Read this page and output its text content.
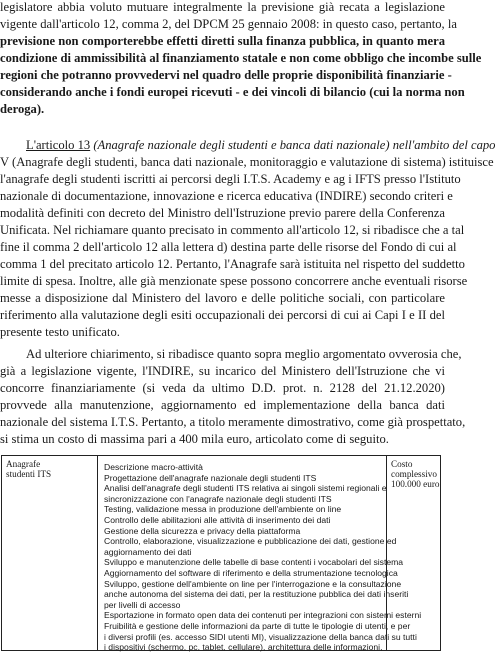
legislatore abbia voluto mutuare integralmente la previsione già recata a legislazione
vigente dall'articolo 12, comma 2, del DPCM 25 gennaio 2008: in questo caso, pertanto, la
previsione non comporterebbe effetti diretti sulla finanza pubblica, in quanto mera
condizione di ammissibilità al finanziamento statale e non come obbligo che incombe sulle
regioni che potranno provvedervi nel quadro delle proprie disponibilità finanziarie -
considerando anche i fondi europei ricevuti - e dei vincoli di bilancio (cui la norma non
deroga).
L'articolo 13 (Anagrafe nazionale degli studenti e banca dati nazionale) nell'ambito del capo
V (Anagrafe degli studenti, banca dati nazionale, monitoraggio e valutazione di sistema) istituisce
l'anagrafe degli studenti iscritti ai percorsi degli I.T.S. Academy e ag i IFTS presso l'Istituto
nazionale di documentazione, innovazione e ricerca educativa (INDIRE) secondo criteri e
modalità definiti con decreto del Ministro dell'Istruzione previo parere della Conferenza
Unificata. Nel richiamare quanto precisato in commento all'articolo 12, si ribadisce che a tal
fine il comma 2 dell'articolo 12 alla lettera d) destina parte delle risorse del Fondo di cui al
comma 1 del precitato articolo 12. Pertanto, l'Anagrafe sarà istituita nel rispetto del suddetto
limite di spesa. Inoltre, alle già menzionate spese possono concorrere anche eventuali risorse
messe a disposizione dal Ministero del lavoro e delle politiche sociali, con particolare
riferimento alla valutazione degli esiti occupazionali dei percorsi di cui ai Capi I e II del
presente testo unificato.
Ad ulteriore chiarimento, si ribadisce quanto sopra meglio argomentato ovverosia che,
già a legislazione vigente, l'INDIRE, su incarico del Ministero dell'Istruzione che vi
concorre finanziariamente (si veda da ultimo D.D. prot. n. 2128 del 21.12.2020)
provvede alla manutenzione, aggiornamento ed implementazione della banca dati
nazionale del sistema I.T.S. Pertanto, a titolo meramente dimostrativo, come già prospettato,
si stima un costo di massima pari a 400 mila euro, articolato come di seguito.
Anagrafe
studenti ITS
Descrizione macro-attività
Progettazione dell'anagrafe nazionale degli studenti ITS
Analisi dell'anagrafe degli studenti ITS relativa ai singoli sistemi regionali e
sincronizzazione con l'anagrafe nazionale degli studenti ITS
Testing, validazione messa in produzione dell'ambiente on line
Controllo delle abilitazioni alle attività di inserimento dei dati
Gestione della sicurezza e privacy della piattaforma
Controllo, elaborazione, visualizzazione e pubblicazione dei dati, gestione ed
aggiornamento dei dati
Sviluppo e manutenzione delle tabelle di base contenti i vocabolari del sistema
Aggiornamento del software di riferimento e della strumentazione tecnologica
Sviluppo, gestione dell'ambiente on line per l'interrogazione e la consultazione
anche autonoma del sistema dei dati, per la restituzione pubblica dei dati inseriti
per livelli di accesso
Esportazione in formato open data dei contenuti per integrazioni con sistemi esterni
Fruibilità e gestione delle informazioni da parte di tutte le tipologie di utenti, e per
i diversi profili (es. accesso SIDI utenti MI), visualizzazione della banca dati su tutti
i dispositivi (schermo, pc, tablet, cellulare), architettura delle informazioni,
Costo
complessivo
100.000 euro
